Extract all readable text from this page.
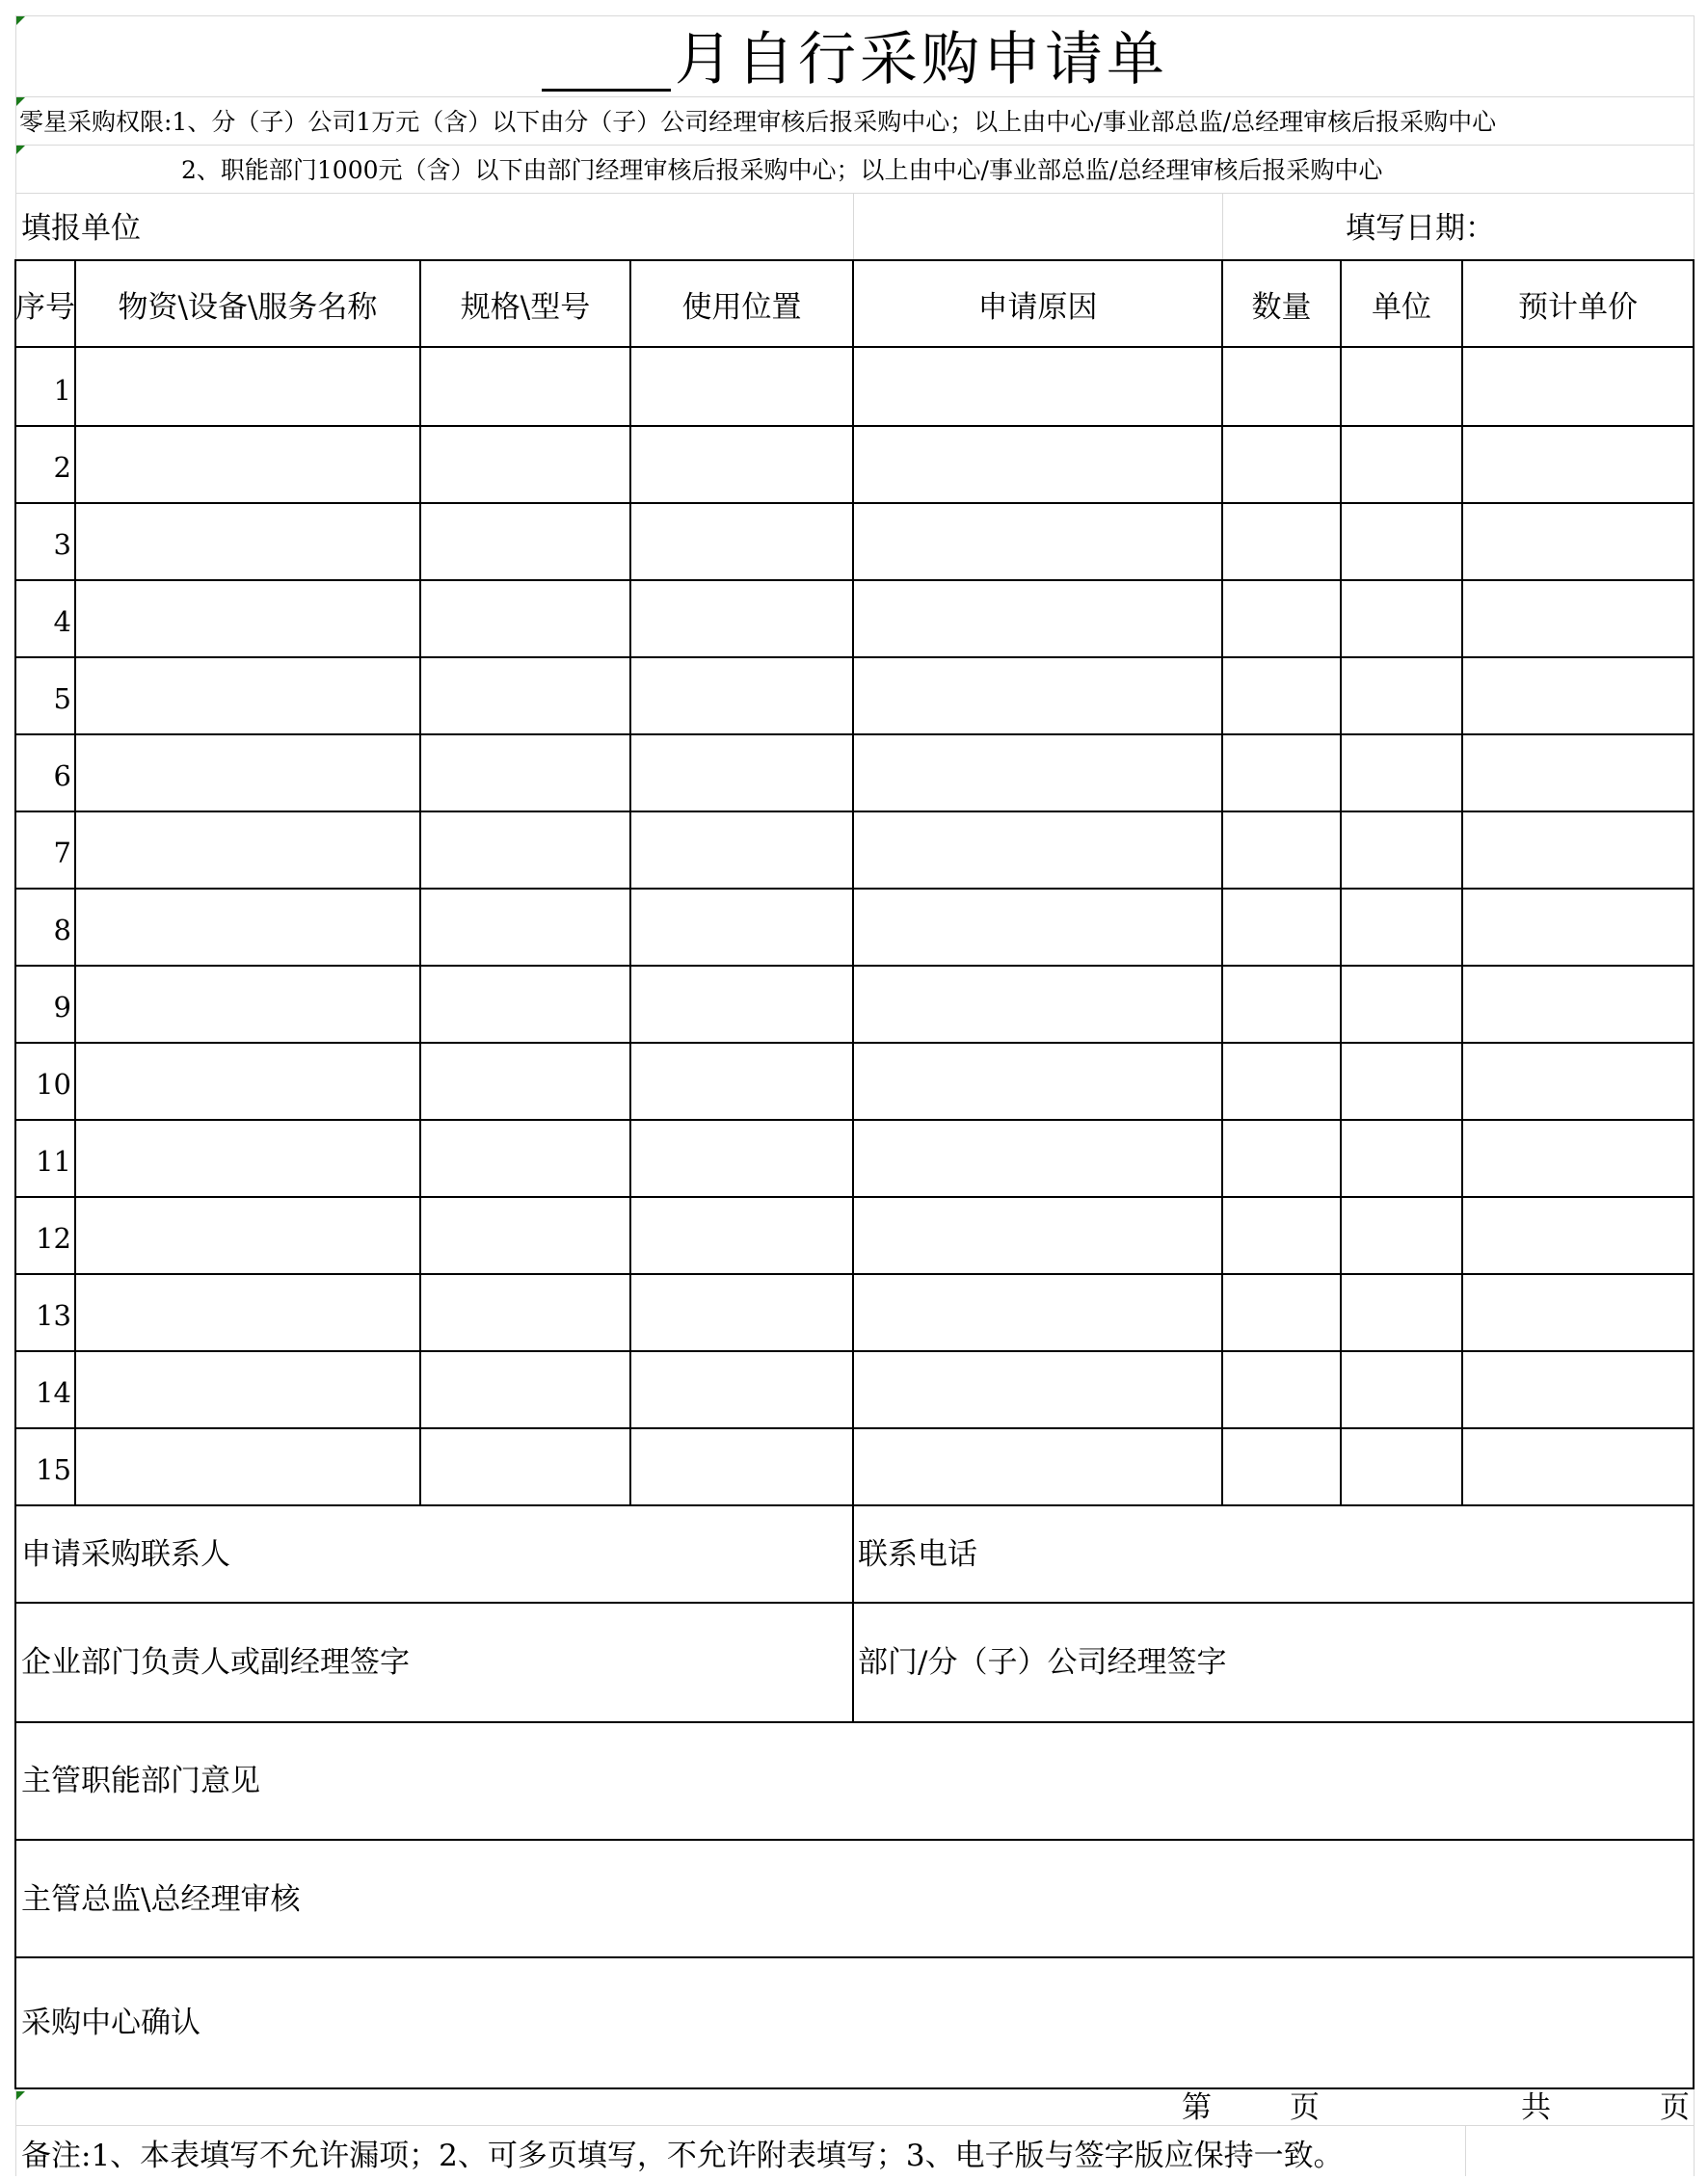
月自行采购申请单
零星采购权限:1、分（子）公司1万元（含）以下由分（子）公司经理审核后报采购中心；以上由中心/事业部总监/总经理审核后报采购中心
2、职能部门1000元（含）以下由部门经理审核后报采购中心；以上由中心/事业部总监/总经理审核后报采购中心
填报单位	填写日期：
序号	物资\设备\服务名称	规格\型号	使用位置	申请原因	数量	单位	预计单价
1
2
3
4
5
6
7
8
9
10
11
12
13
14
15
申请采购联系人	联系电话
企业部门负责人或副经理签字	部门/分（子）公司经理签字
主管职能部门意见
主管总监\总经理审核
采购中心确认
第	页	共	页
备注:1、本表填写不允许漏项；2、可多页填写，不允许附表填写；3、电子版与签字版应保持一致。
